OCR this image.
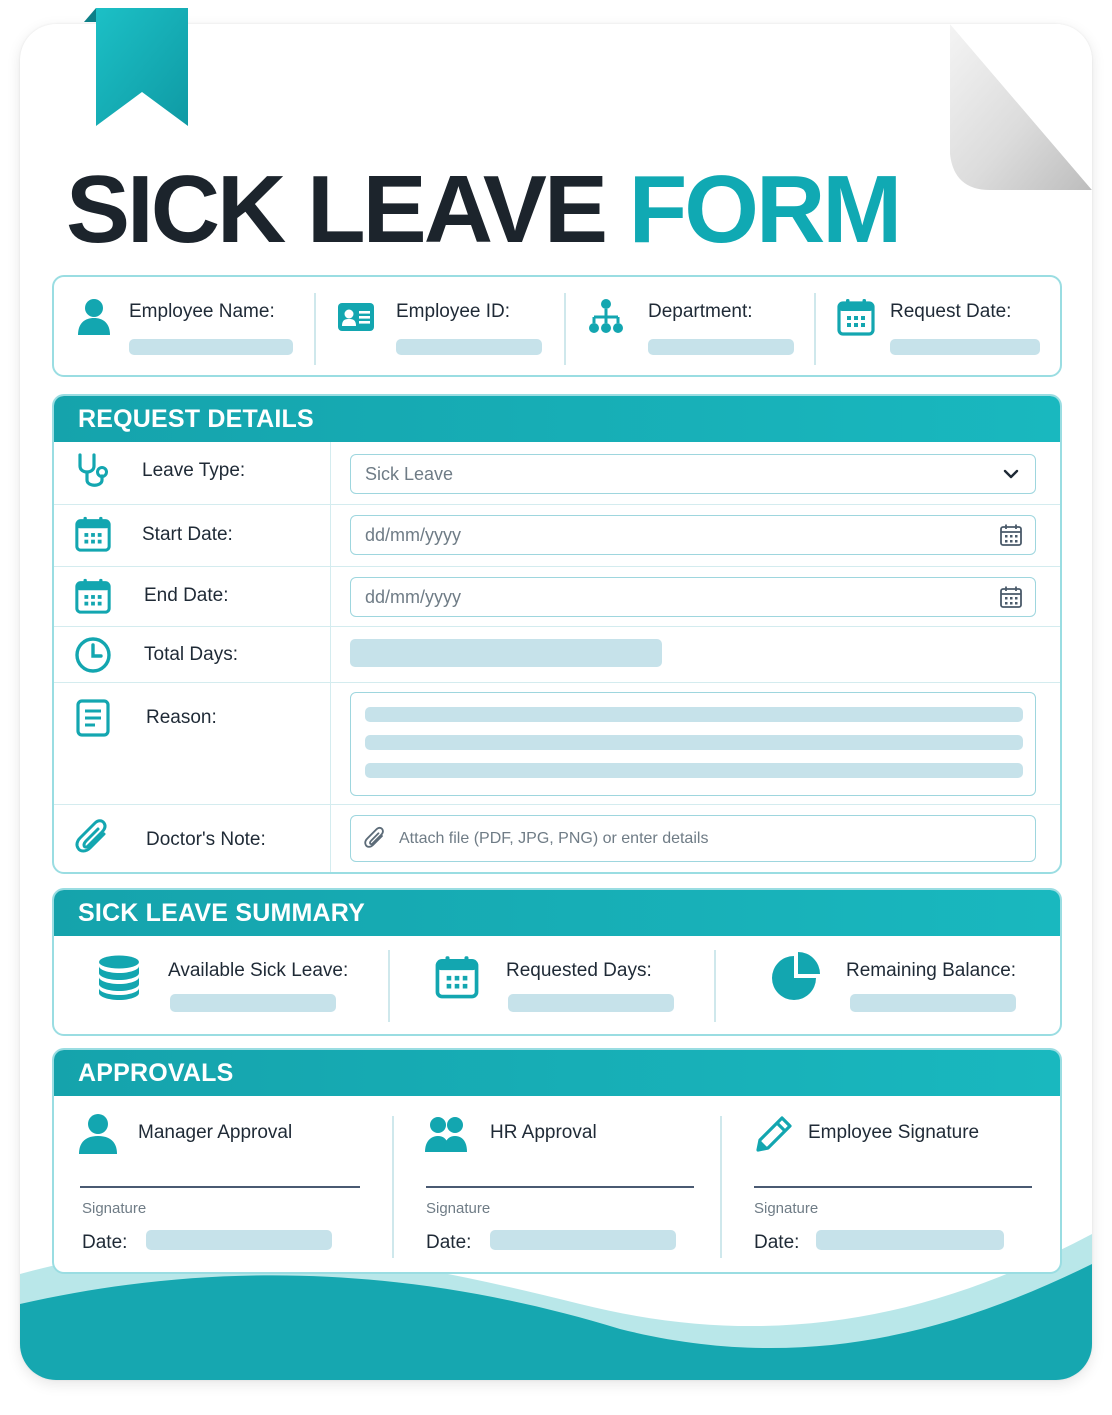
SICK LEAVE FORM
Employee Name:	Employee ID:	Department:	Request Date:
REQUEST DETAILS
Leave Type:	Sick Leave
Start Date:	dd/mm/yyyy
End Date:	dd/mm/yyyy
Total Days:
Reason:
Doctor's Note:	Attach file (PDF, JPG, PNG) or enter details
SICK LEAVE SUMMARY
Available Sick Leave:	Requested Days:	Remaining Balance:
APPROVALS
Manager Approval
Signature
Date:
HR Approval
Signature
Date:
Employee Signature
Signature
Date:
